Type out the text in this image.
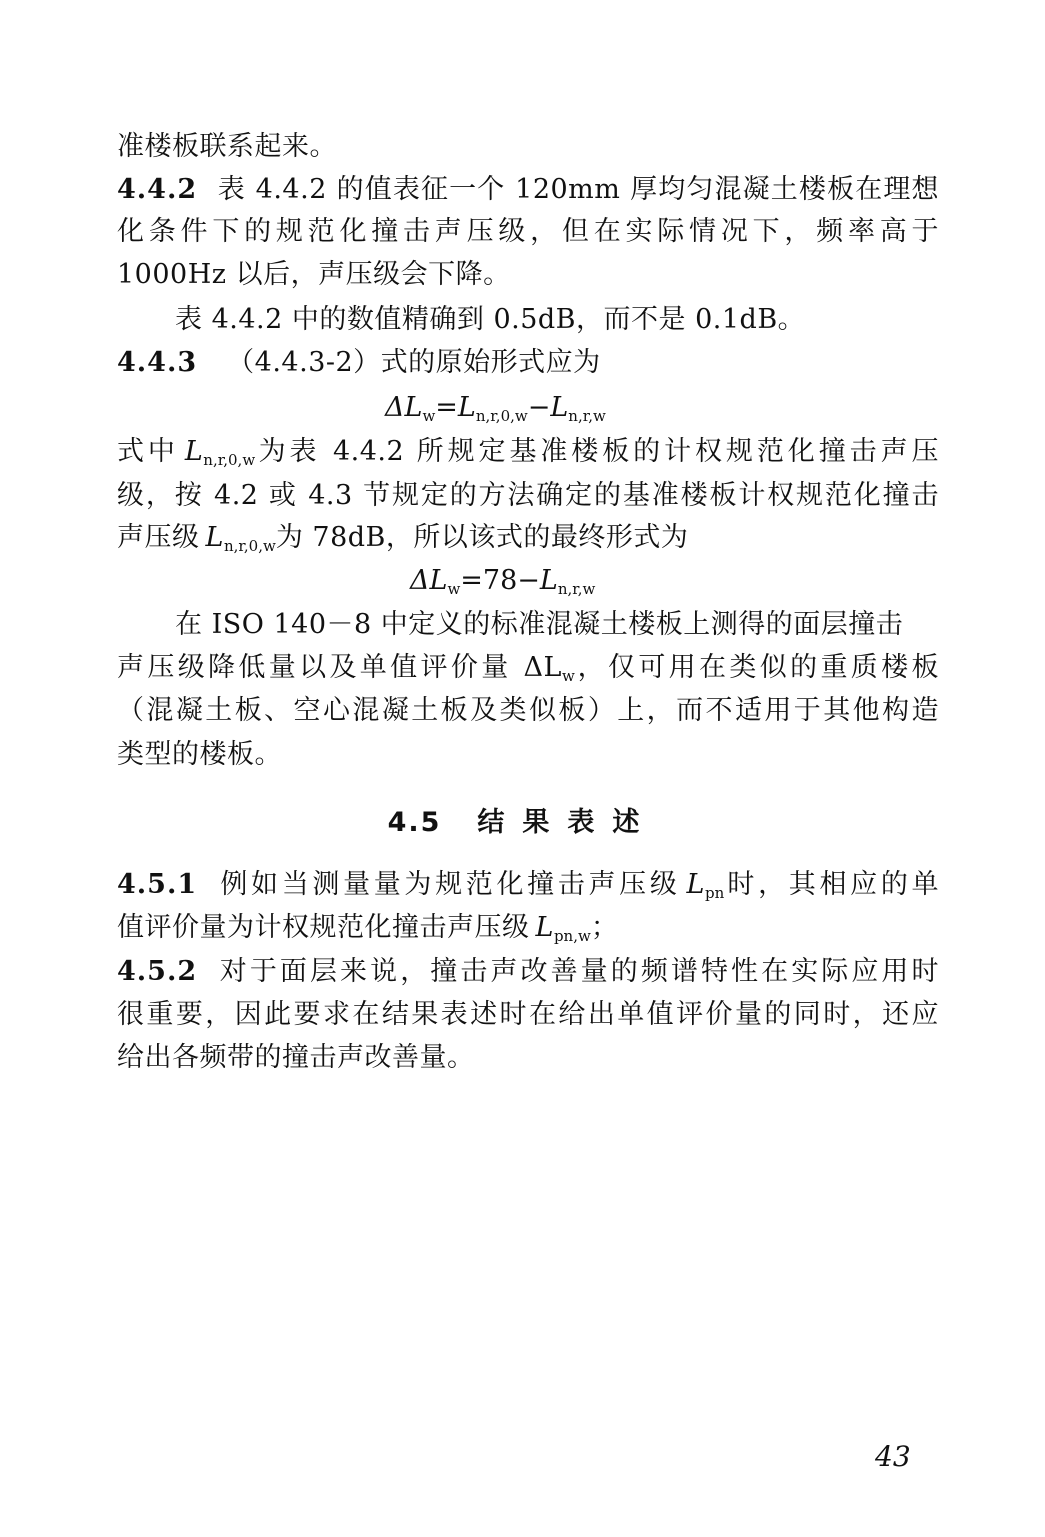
准楼板联系起来。
4.4.2 表 4.4.2 的值表征一个 120mm 厚均匀混凝土楼板在理想
化条件下的规范化撞击声压级，但在实际情况下，频率高于
1000Hz 以后，声压级会下降。
表 4.4.2 中的数值精确到 0.5dB，而不是 0.1dB。
4.4.3 （4.4.3-2）式的原始形式应为
$\Delta L_w=L_{n,r,0,w}-L_{n,r,w}$
式中 $L_{n,r,0,w}$为表 4.4.2 所规定基准楼板的计权规范化撞击声压
级，按 4.2 或 4.3 节规定的方法确定的基准楼板计权规范化撞击
声压级 $L_{n,r,0,w}$为 78dB，所以该式的最终形式为
$\Delta L_w=78-L_{n,r,w}$
在 ISO 140－8 中定义的标准混凝土楼板上测得的面层撞击
声压级降低量以及单值评价量 $\Delta L_w$，仅可用在类似的重质楼板
（混凝土板、空心混凝土板及类似板）上，而不适用于其他构造
类型的楼板。
4.5 结果表述
4.5.1 例如当测量量为规范化撞击声压级 $L_{pn}$时，其相应的单
值评价量为计权规范化撞击声压级 $L_{pn,w}$；
4.5.2 对于面层来说，撞击声改善量的频谱特性在实际应用时
很重要，因此要求在结果表述时在给出单值评价量的同时，还应
给出各频带的撞击声改善量。
43
